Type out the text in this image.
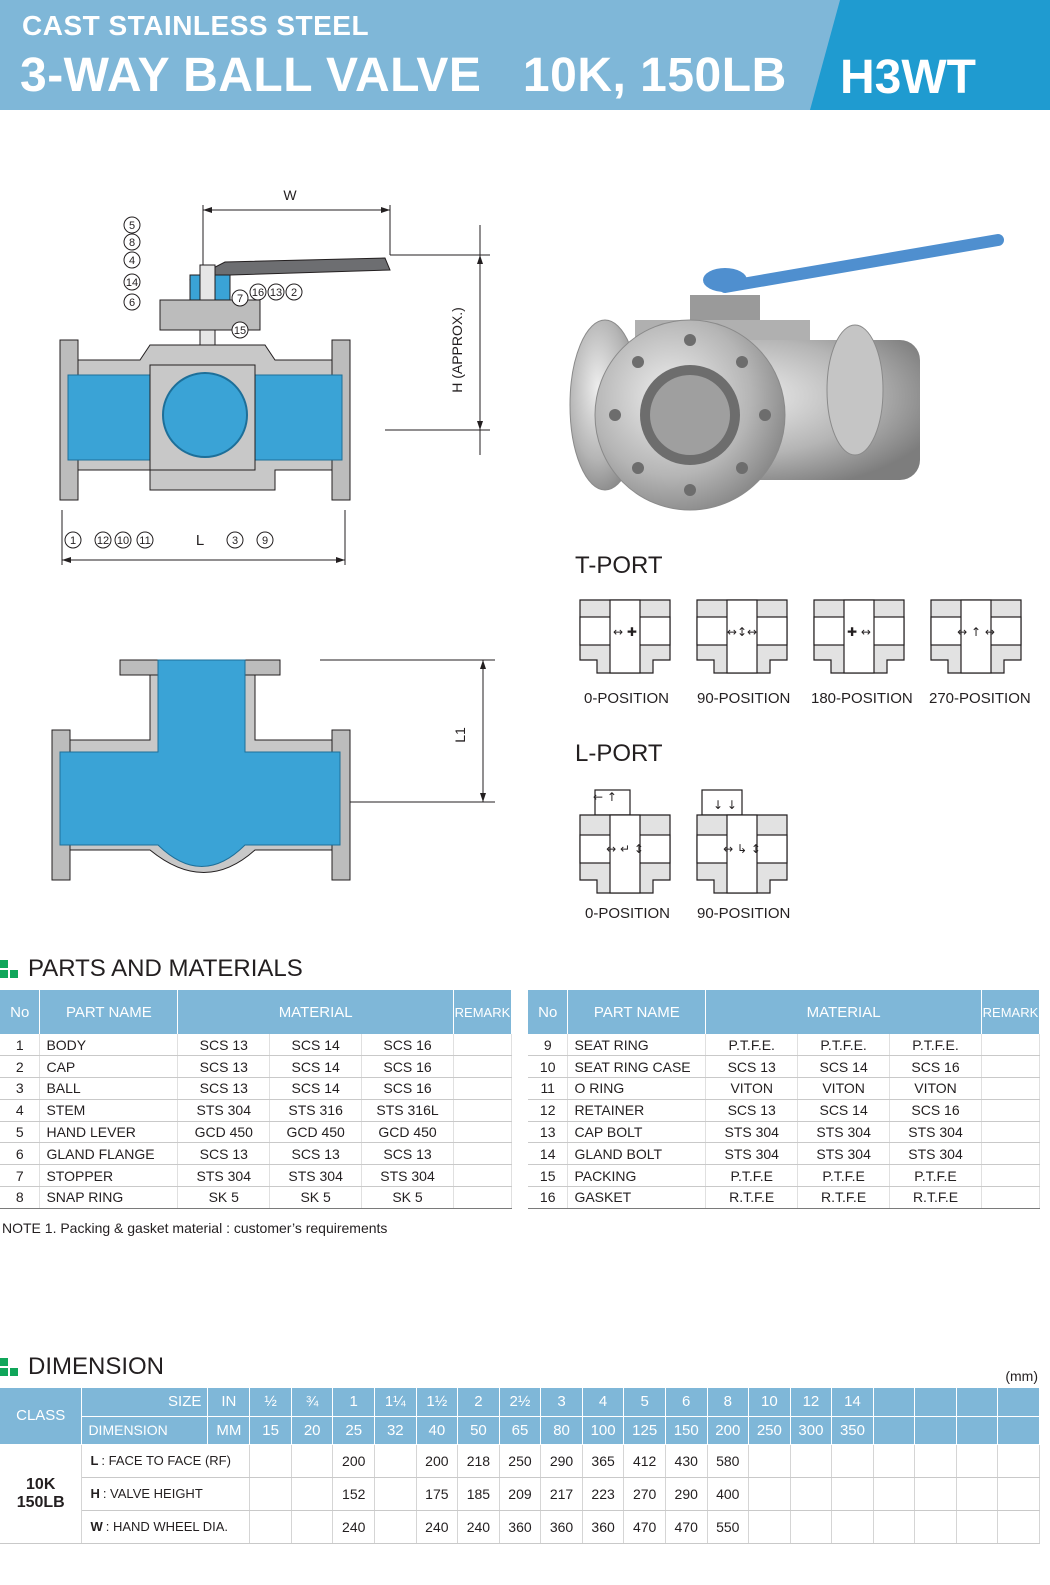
CAST STAINLESS STEEL
3-WAY BALL VALVE   10K, 150LB H3WT
W
H (APPROX.)
L
5
8
4
14
6	7 16 13 2
15
1 12 10 11	3 9
T-PORT
↔ ✚	↔↕↔	✚ ↔	↔ ↑ ↔
0-POSITION 90-POSITION 180-POSITION 270-POSITION
L1
L-PORT
← ↑
↔ ↵ ↕
↓ ↓
↔ ↳ ↕
0-POSITION 90-POSITION
PARTS AND MATERIALS
No	PART NAME	MATERIAL			REMARK
1	BODY	SCS 13	SCS 14	SCS 16	
2	CAP	SCS 13	SCS 14	SCS 16	
3	BALL	SCS 13	SCS 14	SCS 16	
4	STEM	STS 304	STS 316	STS 316L	
5	HAND LEVER	GCD 450	GCD 450	GCD 450	
6	GLAND FLANGE	SCS 13	SCS 13	SCS 13	
7	STOPPER	STS 304	STS 304	STS 304	
8	SNAP RING	SK 5	SK 5	SK 5	
No	PART NAME	MATERIAL			REMARK
9	SEAT RING	P.T.F.E.	P.T.F.E.	P.T.F.E.	
10	SEAT RING CASE	SCS 13	SCS 14	SCS 16	
11	O RING	VITON	VITON	VITON	
12	RETAINER	SCS 13	SCS 14	SCS 16	
13	CAP BOLT	STS 304	STS 304	STS 304	
14	GLAND BOLT	STS 304	STS 304	STS 304	
15	PACKING	P.T.F.E	P.T.F.E	P.T.F.E	
16	GASKET	R.T.F.E	R.T.F.E	R.T.F.E	
NOTE 1. Packing & gasket material : customer’s requirements
DIMENSION	(mm)
CLASS	SIZE	IN	½	¾	1	1¼	1½	2	2½	3	4	5	6	8	10	12	14				
	DIMENSION	MM	15	20	25	32	40	50	65	80	100	125	150	200	250	300	350				

10K
150LB	L : FACE TO FACE (RF)				200		200	218	250	290	365	412	430	580							
	H : VALVE HEIGHT				152		175	185	209	217	223	270	290	400							
	W : HAND WHEEL DIA.				240		240	240	360	360	360	470	470	550							
